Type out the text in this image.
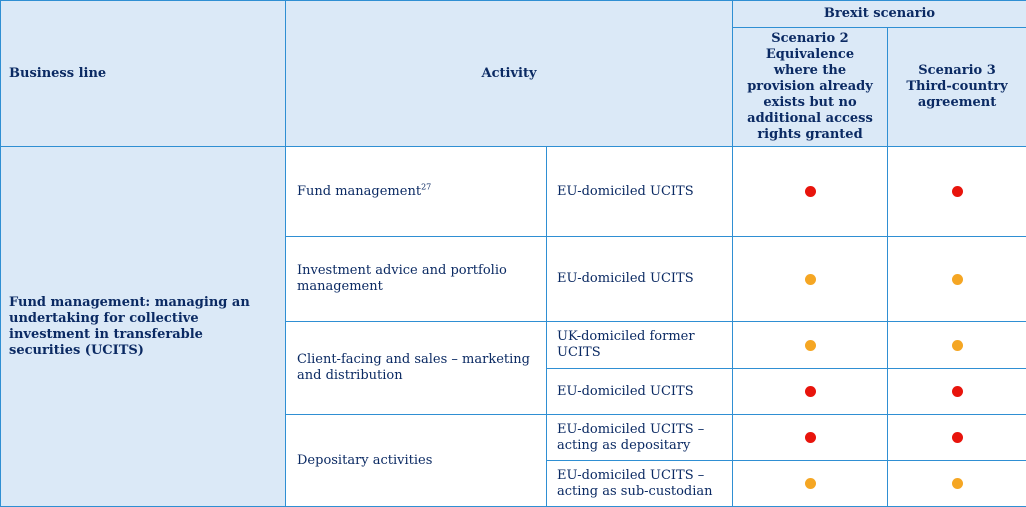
Business line	Activity		Brexit scenario	
			Scenario 2 Equivalence where the provision already exists but no additional access rights granted	Scenario 3 Third-country agreement
Fund management: managing an undertaking for collective investment in transferable securities (UCITS)	Fund management$^{27}$	EU-domiciled UCITS		
	Investment advice and portfolio management	EU-domiciled UCITS		
	Client-facing and sales – marketing and distribution	UK-domiciled former UCITS		
		EU-domiciled UCITS		
	Depositary activities	EU-domiciled UCITS – acting as depositary		
		EU-domiciled UCITS – acting as sub-custodian		
